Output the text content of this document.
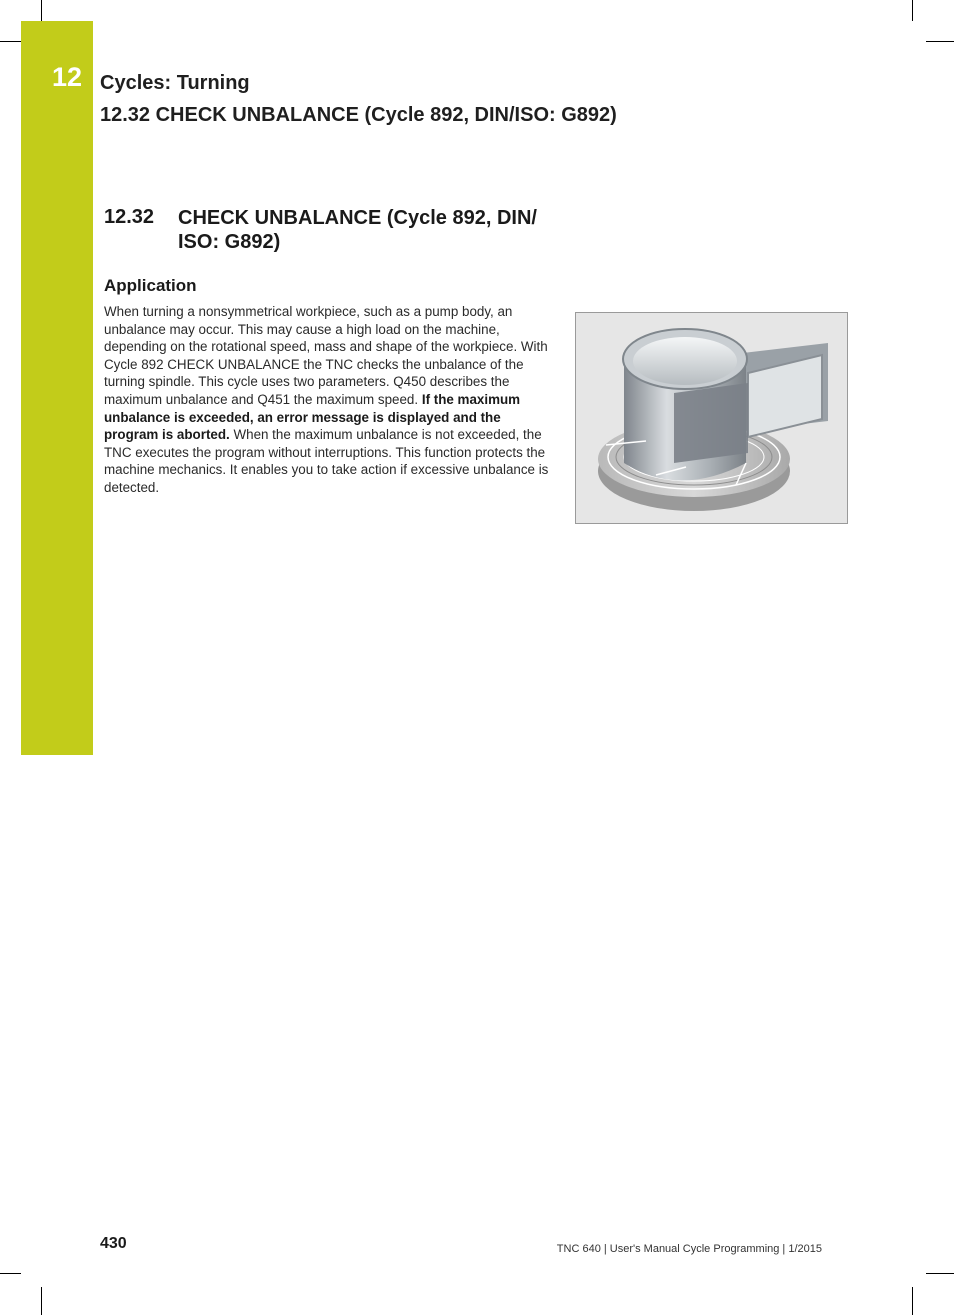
12 Cycles: Turning
12.32 CHECK UNBALANCE (Cycle 892, DIN/ISO: G892)
12.32 CHECK UNBALANCE (Cycle 892, DIN/ ISO: G892)
Application
When turning a nonsymmetrical workpiece, such as a pump body, an unbalance may occur. This may cause a high load on the machine, depending on the rotational speed, mass and shape of the workpiece. With Cycle 892 CHECK UNBALANCE the TNC checks the unbalance of the turning spindle. This cycle uses two parameters. Q450 describes the maximum unbalance and Q451 the maximum speed. If the maximum unbalance is exceeded, an error message is displayed and the program is aborted. When the maximum unbalance is not exceeded, the TNC executes the program without interruptions. This function protects the machine mechanics. It enables you to take action if excessive unbalance is detected.
430	TNC 640 | User's Manual Cycle Programming | 1/2015
